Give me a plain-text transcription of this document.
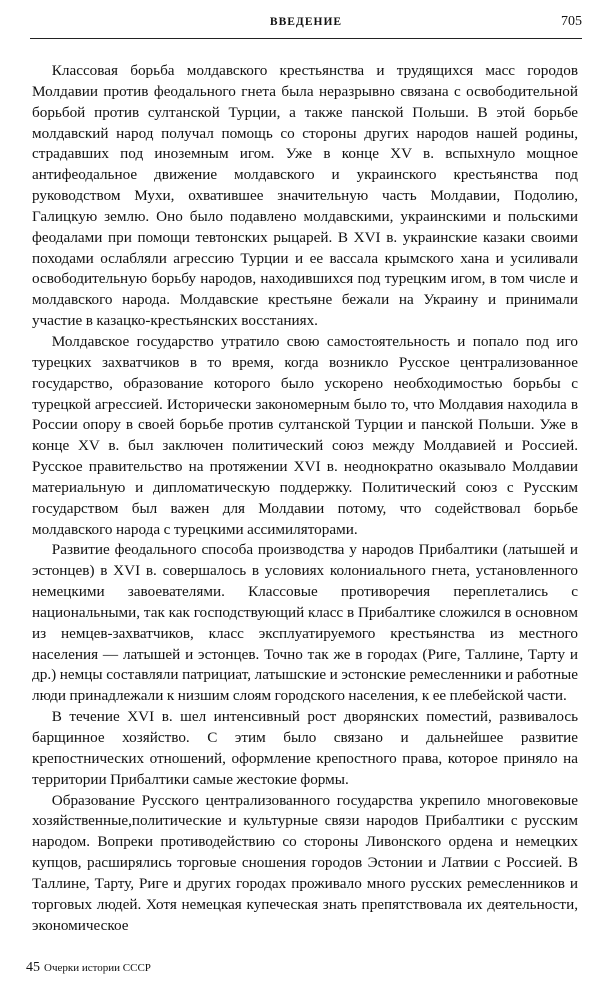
ВВЕДЕНИЕ	705

Классовая борьба молдавского крестьянства и трудящихся масс городов Молдавии против феодального гнета была неразрывно связана с освободительной борьбой против султанской Турции, а также панской Польши. В этой борьбе молдавский народ получал помощь со стороны других народов нашей родины, страдавших под иноземным игом. Уже в конце XV в. вспыхнуло мощное антифеодальное движение молдавского и украинского крестьянства под руководством Мухи, охватившее значительную часть Молдавии, Подолию, Галицкую землю. Оно было подавлено молдавскими, украинскими и польскими феодалами при помощи тевтонских рыцарей. В XVI в. украинские казаки своими походами ослабляли агрессию Турции и ее вассала крымского хана и усиливали освободительную борьбу народов, находившихся под турецким игом, в том числе и молдавского народа. Молдавские крестьяне бежали на Украину и принимали участие в казацко-крестьянских восстаниях.

Молдавское государство утратило свою самостоятельность и попало под иго турецких захватчиков в то время, когда возникло Русское централизованное государство, образование которого было ускорено необходимостью борьбы с турецкой агрессией. Исторически закономерным было то, что Молдавия находила в России опору в своей борьбе против султанской Турции и панской Польши. Уже в конце XV в. был заключен политический союз между Молдавией и Россией. Русское правительство на протяжении XVI в. неоднократно оказывало Молдавии материальную и дипломатическую поддержку. Политический союз с Русским государством был важен для Молдавии потому, что содействовал борьбе молдавского народа с турецкими ассимиляторами.

Развитие феодального способа производства у народов Прибалтики (латышей и эстонцев) в XVI в. совершалось в условиях колониального гнета, установленного немецкими завоевателями. Классовые противоречия переплетались с национальными, так как господствующий класс в Прибалтике сложился в основном из немцев-захватчиков, класс эксплуатируемого крестьянства из местного населения — латышей и эстонцев. Точно так же в городах (Риге, Таллине, Тарту и др.) немцы составляли патрициат, латышские и эстонские ремесленники и работные люди принадлежали к низшим слоям городского населения, к ее плебейской части.

В течение XVI в. шел интенсивный рост дворянских поместий, развивалось барщинное хозяйство. С этим было связано и дальнейшее развитие крепостнических отношений, оформление крепостного права, которое приняло на территории Прибалтики самые жестокие формы.

Образование Русского централизованного государства укрепило многовековые хозяйственные,политические и культурные связи народов Прибалтики с русским народом. Вопреки противодействию со стороны Ливонского ордена и немецких купцов, расширялись торговые сношения городов Эстонии и Латвии с Россией. В Таллине, Тарту, Риге и других городах проживало много русских ремесленников и торговых людей. Хотя немецкая купеческая знать препятствовала их деятельности, экономическое

45 Очерки истории СССР
